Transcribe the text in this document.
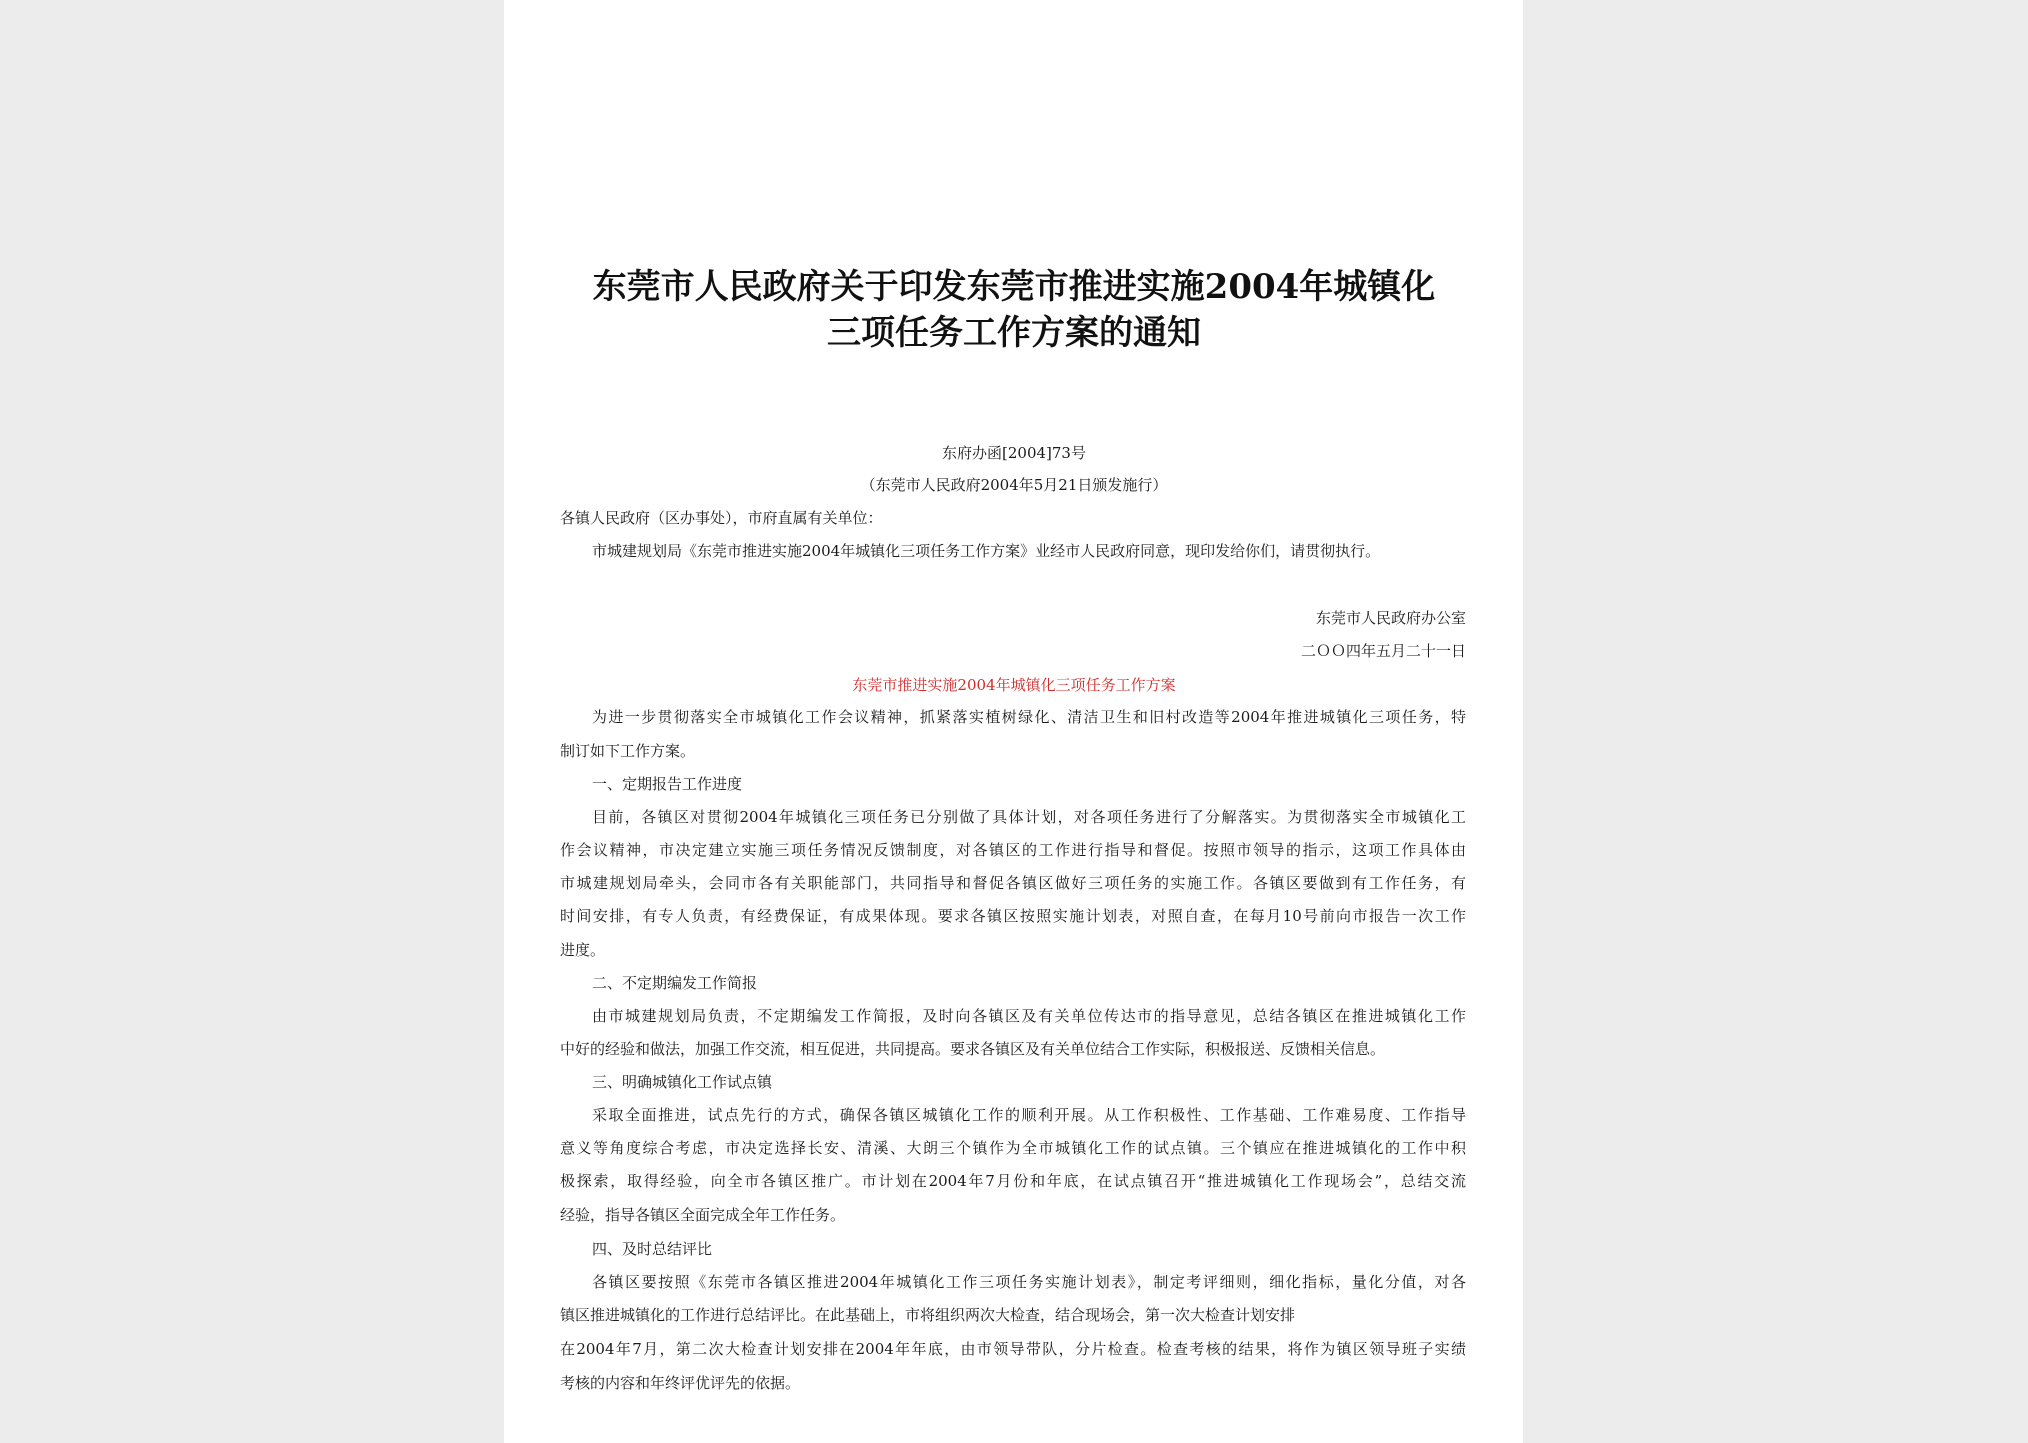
东莞市人民政府关于印发东莞市推进实施2004年城镇化
三项任务工作方案的通知
东府办函[2004]73号
（东莞市人民政府2004年5月21日颁发施行）
各镇人民政府（区办事处），市府直属有关单位：
市城建规划局《东莞市推进实施2004年城镇化三项任务工作方案》业经市人民政府同意，现印发给你们，请贯彻执行。
东莞市人民政府办公室
二ＯＯ四年五月二十一日
东莞市推进实施2004年城镇化三项任务工作方案
为进一步贯彻落实全市城镇化工作会议精神，抓紧落实植树绿化、清洁卫生和旧村改造等2004年推进城镇化三项任务，特
制订如下工作方案。
一、定期报告工作进度
目前，各镇区对贯彻2004年城镇化三项任务已分别做了具体计划，对各项任务进行了分解落实。为贯彻落实全市城镇化工
作会议精神，市决定建立实施三项任务情况反馈制度，对各镇区的工作进行指导和督促。按照市领导的指示，这项工作具体由
市城建规划局牵头，会同市各有关职能部门，共同指导和督促各镇区做好三项任务的实施工作。各镇区要做到有工作任务，有
时间安排，有专人负责，有经费保证，有成果体现。要求各镇区按照实施计划表，对照自查，在每月10号前向市报告一次工作
进度。
二、不定期编发工作简报
由市城建规划局负责，不定期编发工作简报，及时向各镇区及有关单位传达市的指导意见，总结各镇区在推进城镇化工作
中好的经验和做法，加强工作交流，相互促进，共同提高。要求各镇区及有关单位结合工作实际，积极报送、反馈相关信息。
三、明确城镇化工作试点镇
采取全面推进，试点先行的方式，确保各镇区城镇化工作的顺利开展。从工作积极性、工作基础、工作难易度、工作指导
意义等角度综合考虑，市决定选择长安、清溪、大朗三个镇作为全市城镇化工作的试点镇。三个镇应在推进城镇化的工作中积
极探索，取得经验，向全市各镇区推广。市计划在2004年7月份和年底，在试点镇召开“推进城镇化工作现场会”，总结交流
经验，指导各镇区全面完成全年工作任务。
四、及时总结评比
各镇区要按照《东莞市各镇区推进2004年城镇化工作三项任务实施计划表》，制定考评细则，细化指标，量化分值，对各
镇区推进城镇化的工作进行总结评比。在此基础上，市将组织两次大检查，结合现场会，第一次大检查计划安排
在2004年7月，第二次大检查计划安排在2004年年底，由市领导带队，分片检查。检查考核的结果，将作为镇区领导班子实绩
考核的内容和年终评优评先的依据。
